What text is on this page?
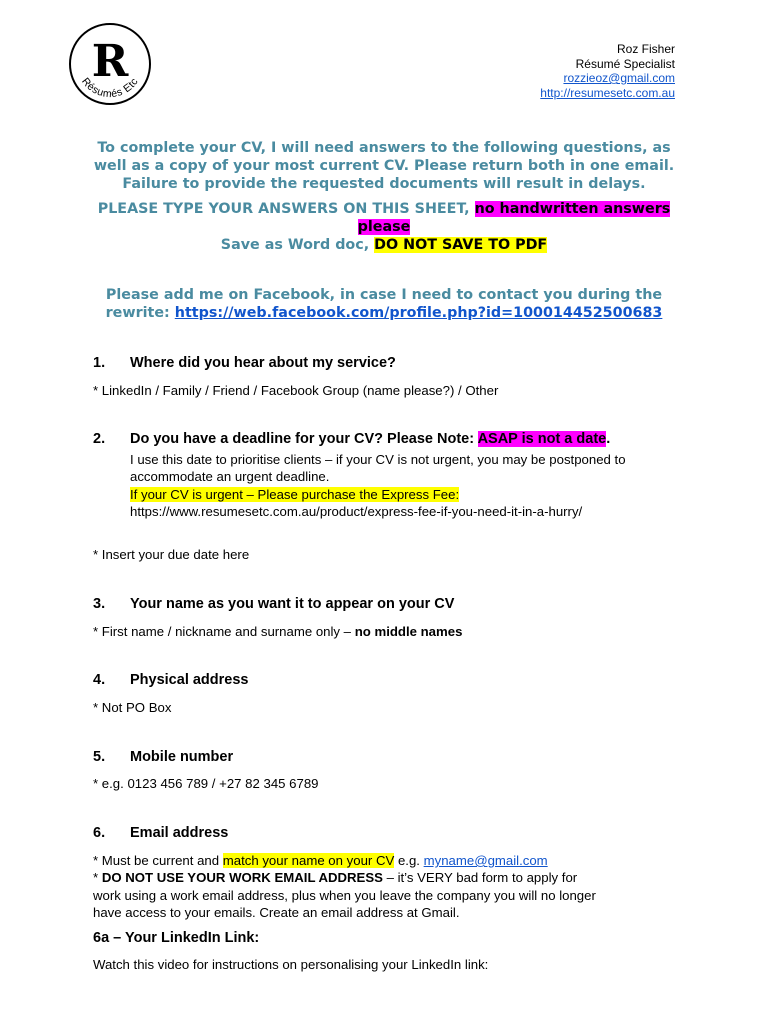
R
Résumés Etc
Roz Fisher
Résumé Specialist
rozzieoz@gmail.com
http://resumesetc.com.au
To complete your CV, I will need answers to the following questions, as
well as a copy of your most current CV. Please return both in one email.
Failure to provide the requested documents will result in delays.
PLEASE TYPE YOUR ANSWERS ON THIS SHEET, no handwritten answers please
Save as Word doc, DO NOT SAVE TO PDF
Please add me on Facebook, in case I need to contact you during the
rewrite: https://web.facebook.com/profile.php?id=100014452500683
1. Where did you hear about my service?
* LinkedIn / Family / Friend / Facebook Group (name please?) / Other
2. Do you have a deadline for your CV? Please Note: ASAP is not a date.
I use this date to prioritise clients – if your CV is not urgent, you may be postponed to
accommodate an urgent deadline.
If your CV is urgent – Please purchase the Express Fee:
https://www.resumesetc.com.au/product/express-fee-if-you-need-it-in-a-hurry/
* Insert your due date here
3. Your name as you want it to appear on your CV
* First name / nickname and surname only – no middle names
4. Physical address
* Not PO Box
5. Mobile number
* e.g. 0123 456 789 / +27 82 345 6789
6. Email address
* Must be current and match your name on your CV e.g. myname@gmail.com
* DO NOT USE YOUR WORK EMAIL ADDRESS – it’s VERY bad form to apply for
work using a work email address, plus when you leave the company you will no longer
have access to your emails. Create an email address at Gmail.
6a – Your LinkedIn Link:
Watch this video for instructions on personalising your LinkedIn link:
